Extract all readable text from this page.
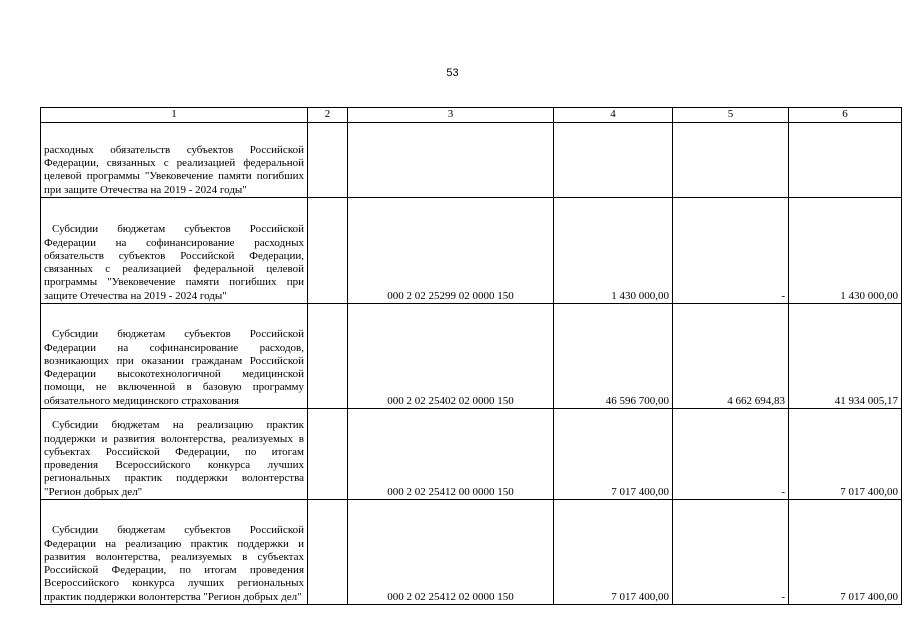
53
1	2	3	4	5	6
расходных обязательств субъектов Российской Федерации, связанных с реализацией федеральной целевой программы "Увековечение памяти погибших при защите Отечества на 2019 - 2024 годы"					
Субсидии бюджетам субъектов Российской Федерации на софинансирование расходных обязательств субъектов Российской Федерации, связанных с реализацией федеральной целевой программы "Увековечение памяти погибших при защите Отечества на 2019 - 2024 годы"		000 2 02 25299 02 0000 150	1 430 000,00	-	1 430 000,00
Субсидии бюджетам субъектов Российской Федерации на софинансирование расходов, возникающих при оказании гражданам Российской Федерации высокотехнологичной медицинской помощи, не включенной в базовую программу обязательного медицинского страхования		000 2 02 25402 02 0000 150	46 596 700,00	4 662 694,83	41 934 005,17
Субсидии бюджетам на реализацию практик поддержки и развития волонтерства, реализуемых в субъектах Российской Федерации, по итогам проведения Всероссийского конкурса лучших региональных практик поддержки волонтерства "Регион добрых дел"		000 2 02 25412 00 0000 150	7 017 400,00	-	7 017 400,00
Субсидии бюджетам субъектов Российской Федерации на реализацию практик поддержки и развития волонтерства, реализуемых в субъектах Российской Федерации, по итогам проведения Всероссийского конкурса лучших региональных практик поддержки волонтерства "Регион добрых дел"		000 2 02 25412 02 0000 150	7 017 400,00	-	7 017 400,00
